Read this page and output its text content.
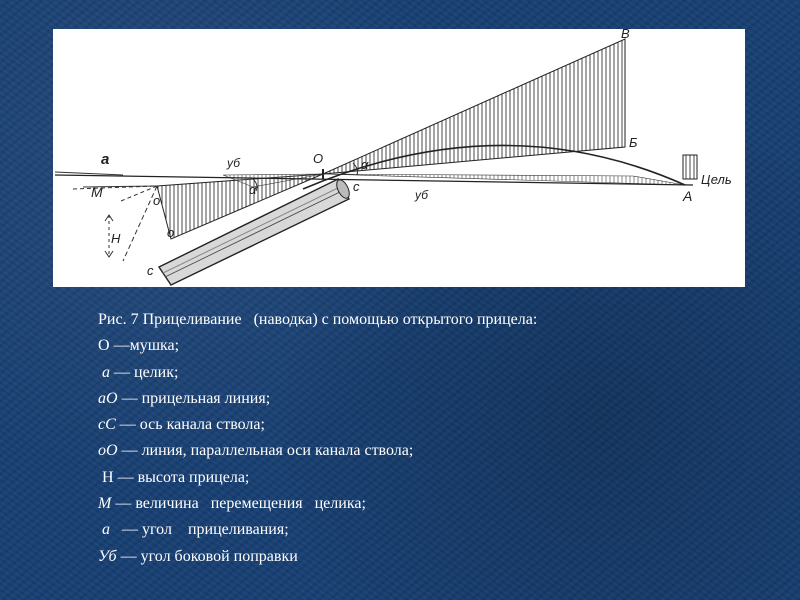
a
M
о
о
с
с
H
уб
уб
О
α
α
В
Б
А
Цель
Рис. 7 Прицеливание   (наводка) с помощью открытого прицела:
О —мушка;
а — целик;
аО — прицельная линия;
сС — ось канала ствола;
оО — линия, параллельная оси канала ствола;
Н — высота прицела;
М — величина   перемещения   целика;
а   — угол    прицеливания;
Уб — угол боковой поправки
